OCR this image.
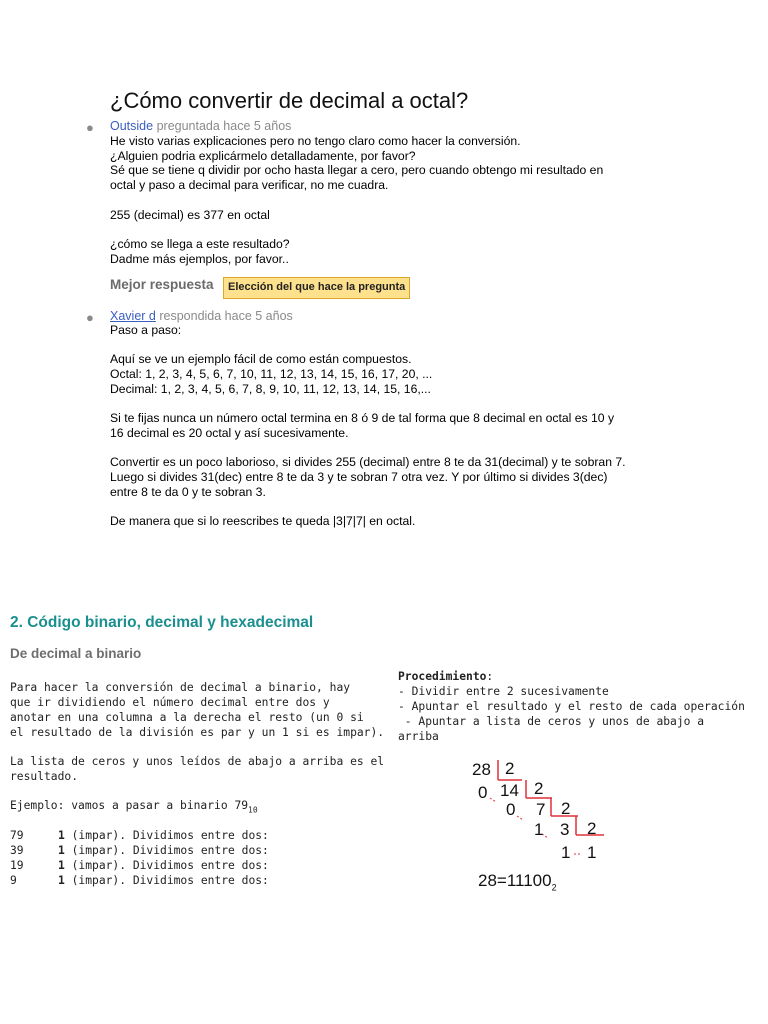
¿Cómo convertir de decimal a octal?
● Outside preguntada hace 5 años
He visto varias explicaciones pero no tengo claro como hacer la conversión.
¿Alguien podria explicármelo detalladamente, por favor?
Sé que se tiene q dividir por ocho hasta llegar a cero, pero cuando obtengo mi resultado en
octal y paso a decimal para verificar, no me cuadra.

255 (decimal) es 377 en octal

¿cómo se llega a este resultado?
Dadme más ejemplos, por favor..
Mejor respuesta	Elección del que hace la pregunta
● Xavier d respondida hace 5 años
Paso a paso:

Aquí se ve un ejemplo fácil de como están compuestos.
Octal: 1, 2, 3, 4, 5, 6, 7, 10, 11, 12, 13, 14, 15, 16, 17, 20, ...
Decimal: 1, 2, 3, 4, 5, 6, 7, 8, 9, 10, 11, 12, 13, 14, 15, 16,...

Si te fijas nunca un número octal termina en 8 ó 9 de tal forma que 8 decimal en octal es 10 y
16 decimal es 20 octal y así sucesivamente.

Convertir es un poco laborioso, si divides 255 (decimal) entre 8 te da 31(decimal) y te sobran 7.
Luego si divides 31(dec) entre 8 te da 3 y te sobran 7 otra vez. Y por último si divides 3(dec)
entre 8 te da 0 y te sobran 3.

De manera que si lo reescribes te queda |3|7|7| en octal.
2. Código binario, decimal y hexadecimal
De decimal a binario
Para hacer la conversión de decimal a binario, hay
que ir dividiendo el número decimal entre dos y
anotar en una columna a la derecha el resto (un 0 si
el resultado de la división es par y un 1 si es impar).
La lista de ceros y unos leídos de abajo a arriba es el
resultado.
Ejemplo: vamos a pasar a binario $79_{10}$
79	1 (impar). Dividimos entre dos:
39	1 (impar). Dividimos entre dos:
19	1 (impar). Dividimos entre dos:
9	1 (impar). Dividimos entre dos:
Procedimiento:
- Dividir entre 2 sucesivamente
- Apuntar el resultado y el resto de cada operación
- Apuntar a lista de ceros y unos de abajo a
arriba
28 2
0 14 2
0 7 2
1 3 2
1 1
$28=11100_2$
